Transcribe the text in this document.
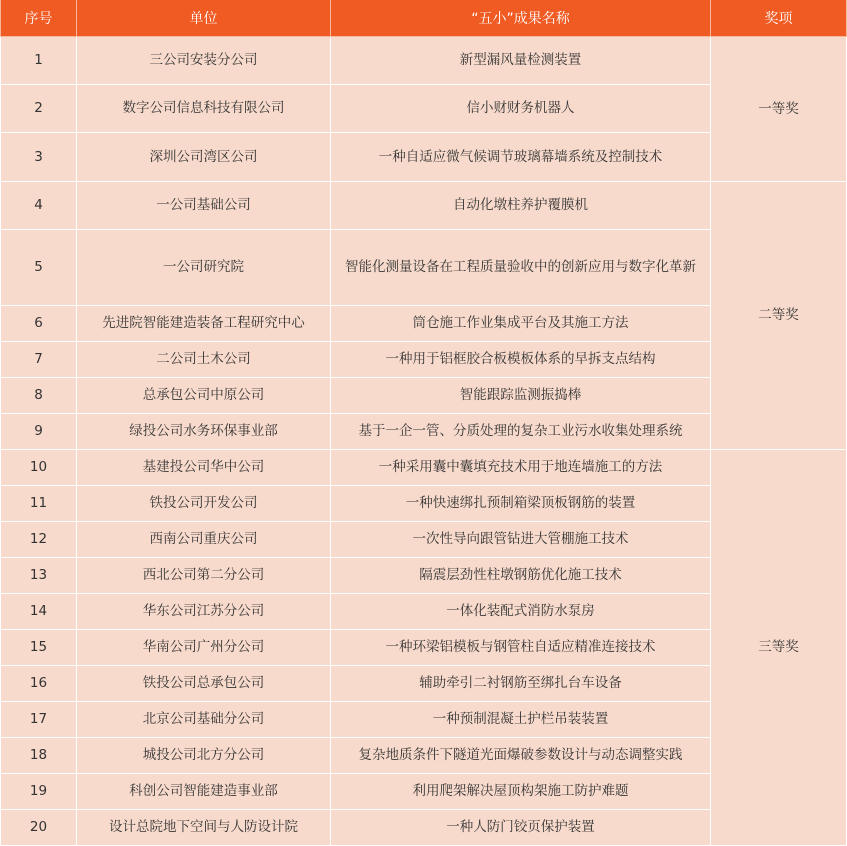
序号	单位	“五小”成果名称	奖项
1	三公司安装分公司	新型漏风量检测装置	一等奖
2	数字公司信息科技有限公司	信小财财务机器人	
3	深圳公司湾区公司	一种自适应微气候调节玻璃幕墙系统及控制技术	
4	一公司基础公司	自动化墩柱养护覆膜机	二等奖
5	一公司研究院	智能化测量设备在工程质量验收中的创新应用与数字化革新	
6	先进院智能建造装备工程研究中心	筒仓施工作业集成平台及其施工方法	
7	二公司土木公司	一种用于铝框胶合板模板体系的早拆支点结构	
8	总承包公司中原公司	智能跟踪监测振捣棒	
9	绿投公司水务环保事业部	基于一企一管、分质处理的复杂工业污水收集处理系统	
10	基建投公司华中公司	一种采用囊中囊填充技术用于地连墙施工的方法	三等奖
11	铁投公司开发公司	一种快速绑扎预制箱梁顶板钢筋的装置	
12	西南公司重庆公司	一次性导向跟管钻进大管棚施工技术	
13	西北公司第二分公司	隔震层劲性柱墩钢筋优化施工技术	
14	华东公司江苏分公司	一体化装配式消防水泵房	
15	华南公司广州分公司	一种环梁铝模板与钢管柱自适应精准连接技术	
16	铁投公司总承包公司	辅助牵引二衬钢筋至绑扎台车设备	
17	北京公司基础分公司	一种预制混凝土护栏吊装装置	
18	城投公司北方分公司	复杂地质条件下隧道光面爆破参数设计与动态调整实践	
19	科创公司智能建造事业部	利用爬架解决屋顶构架施工防护难题	
20	设计总院地下空间与人防设计院	一种人防门铰页保护装置	
